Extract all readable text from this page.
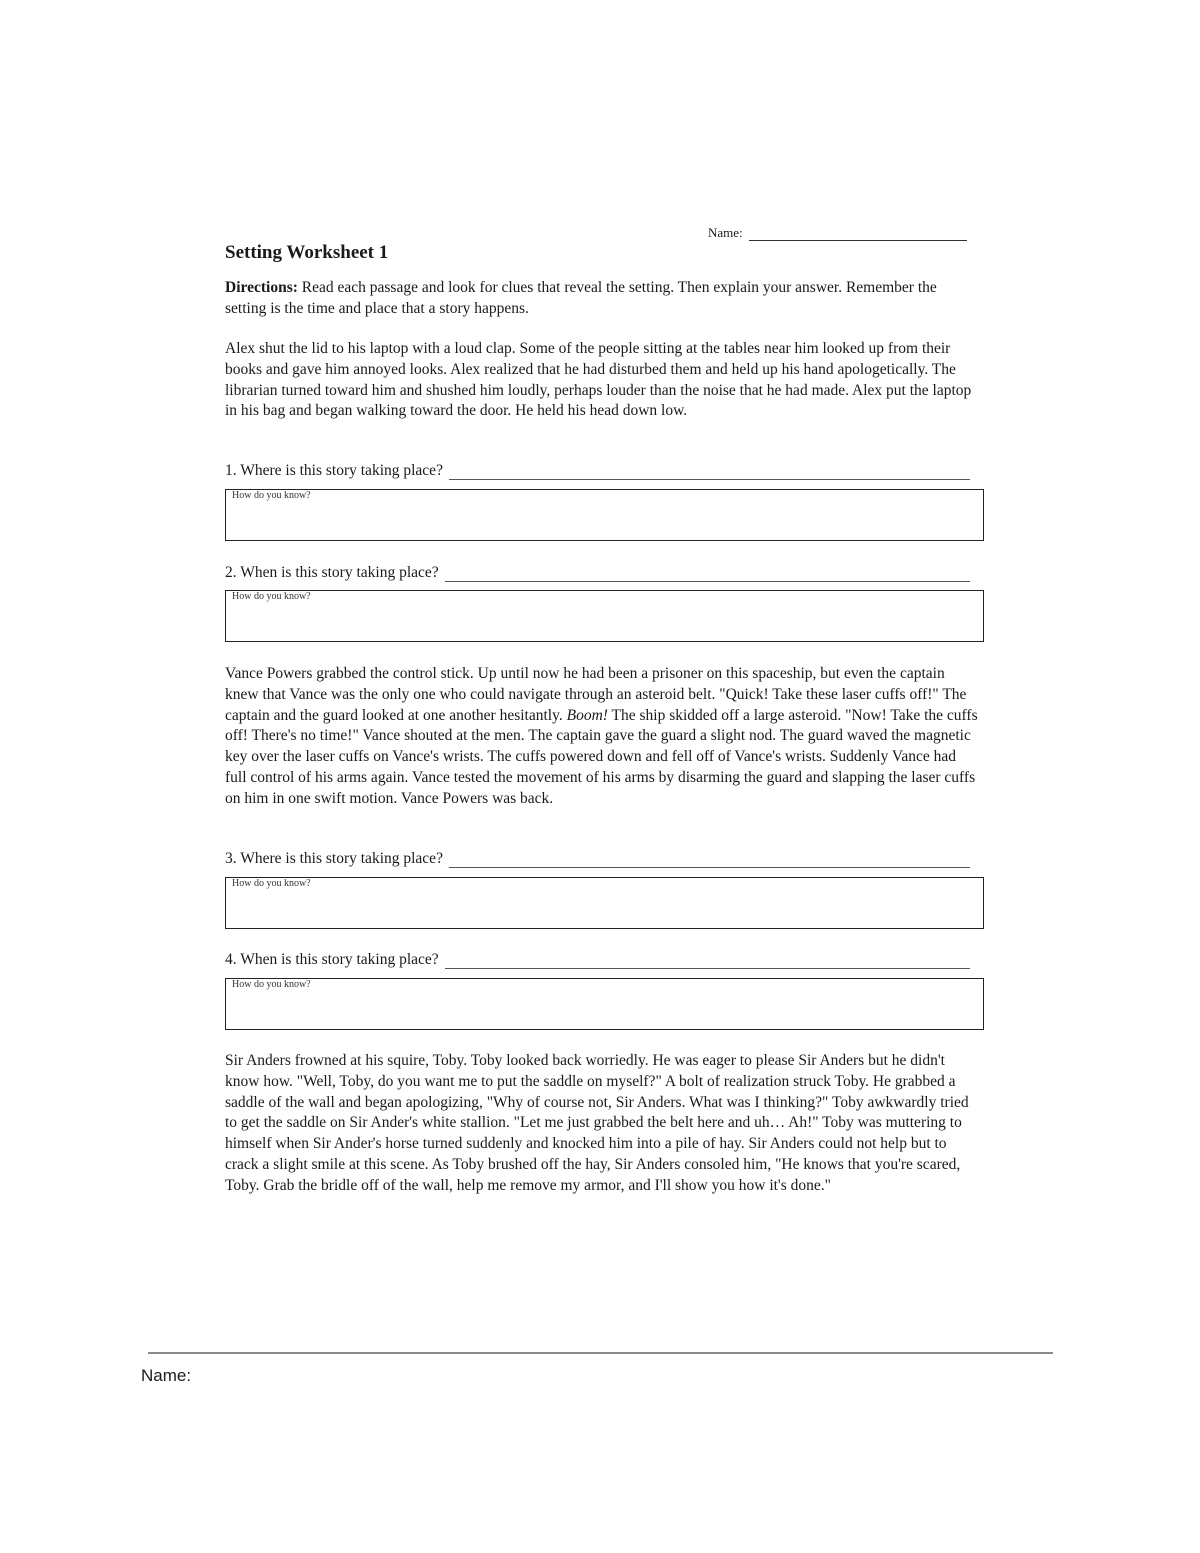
Name:
Setting Worksheet 1

Directions: Read each passage and look for clues that reveal the setting. Then explain your answer. Remember the setting is the time and place that a story happens.

Alex shut the lid to his laptop with a loud clap. Some of the people sitting at the tables near him looked up from their books and gave him annoyed looks. Alex realized that he had disturbed them and held up his hand apologetically. The librarian turned toward him and shushed him loudly, perhaps louder than the noise that he had made. Alex put the laptop in his bag and began walking toward the door. He held his head down low.

1. Where is this story taking place?
How do you know?
2. When is this story taking place?
How do you know?

Vance Powers grabbed the control stick. Up until now he had been a prisoner on this spaceship, but even the captain knew that Vance was the only one who could navigate through an asteroid belt. "Quick! Take these laser cuffs off!" The captain and the guard looked at one another hesitantly. Boom! The ship skidded off a large asteroid. "Now! Take the cuffs off! There's no time!" Vance shouted at the men. The captain gave the guard a slight nod. The guard waved the magnetic key over the laser cuffs on Vance's wrists. The cuffs powered down and fell off of Vance's wrists. Suddenly Vance had full control of his arms again. Vance tested the movement of his arms by disarming the guard and slapping the laser cuffs on him in one swift motion. Vance Powers was back.

3. Where is this story taking place?
How do you know?
4. When is this story taking place?
How do you know?

Sir Anders frowned at his squire, Toby. Toby looked back worriedly. He was eager to please Sir Anders but he didn't know how. "Well, Toby, do you want me to put the saddle on myself?" A bolt of realization struck Toby. He grabbed a saddle of the wall and began apologizing, "Why of course not, Sir Anders. What was I thinking?" Toby awkwardly tried to get the saddle on Sir Ander's white stallion. "Let me just grabbed the belt here and uh… Ah!" Toby was muttering to himself when Sir Ander's horse turned suddenly and knocked him into a pile of hay. Sir Anders could not help but to crack a slight smile at this scene. As Toby brushed off the hay, Sir Anders consoled him, "He knows that you're scared, Toby. Grab the bridle off of the wall, help me remove my armor, and I'll show you how it's done."

Name:
